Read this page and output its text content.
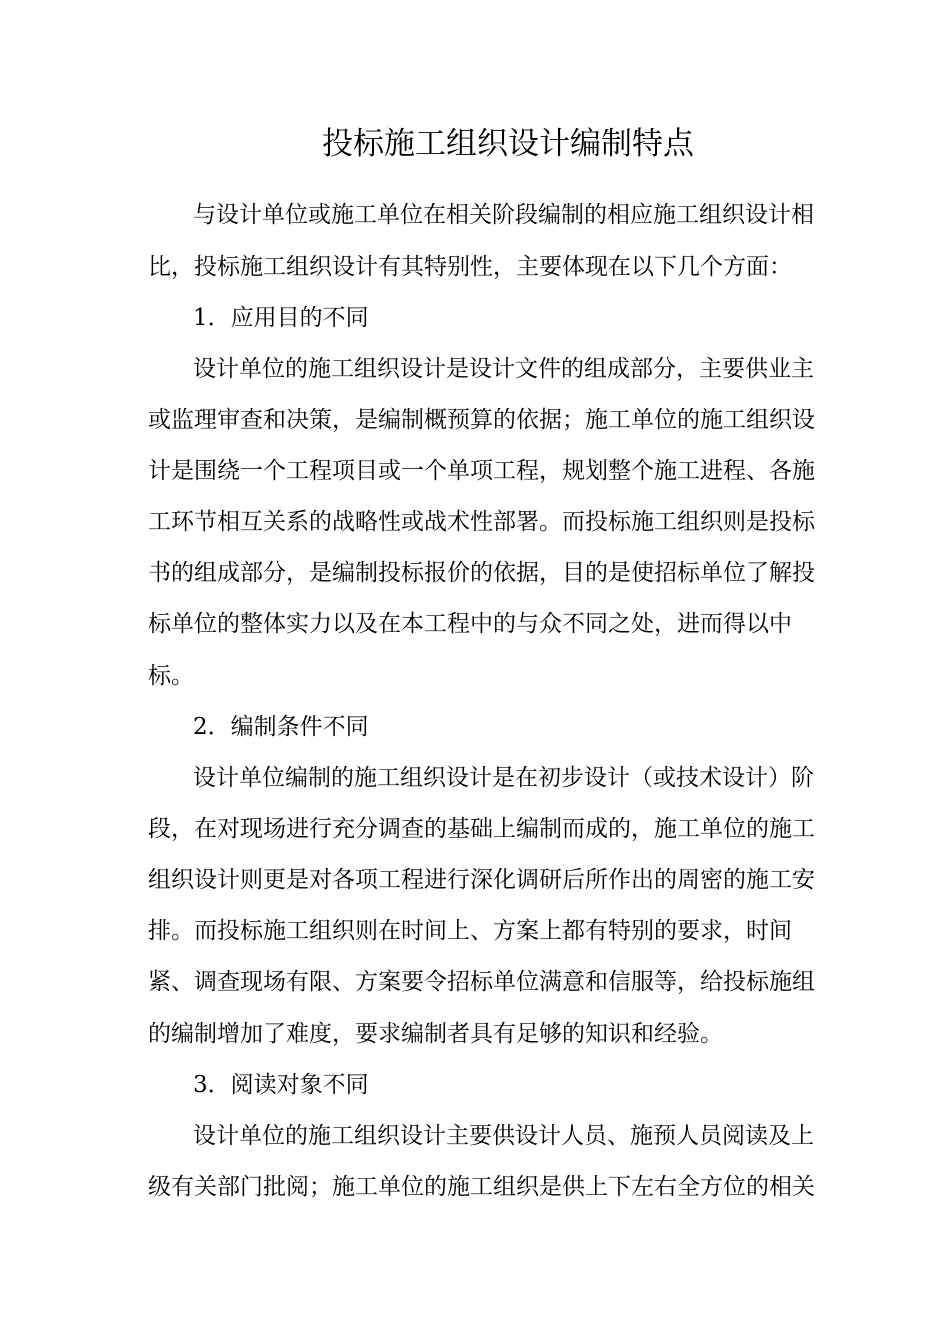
投标施工组织设计编制特点
与设计单位或施工单位在相关阶段编制的相应施工组织设计相
比，投标施工组织设计有其特别性，主要体现在以下几个方面：
1．应用目的不同
设计单位的施工组织设计是设计文件的组成部分，主要供业主
或监理审查和决策，是编制概预算的依据；施工单位的施工组织设
计是围绕一个工程项目或一个单项工程，规划整个施工进程、各施
工环节相互关系的战略性或战术性部署。而投标施工组织则是投标
书的组成部分，是编制投标报价的依据，目的是使招标单位了解投
标单位的整体实力以及在本工程中的与众不同之处，进而得以中
标。
2．编制条件不同
设计单位编制的施工组织设计是在初步设计（或技术设计）阶
段，在对现场进行充分调查的基础上编制而成的，施工单位的施工
组织设计则更是对各项工程进行深化调研后所作出的周密的施工安
排。而投标施工组织则在时间上、方案上都有特别的要求，时间
紧、调查现场有限、方案要令招标单位满意和信服等，给投标施组
的编制增加了难度，要求编制者具有足够的知识和经验。
3．阅读对象不同
设计单位的施工组织设计主要供设计人员、施预人员阅读及上
级有关部门批阅；施工单位的施工组织是供上下左右全方位的相关
